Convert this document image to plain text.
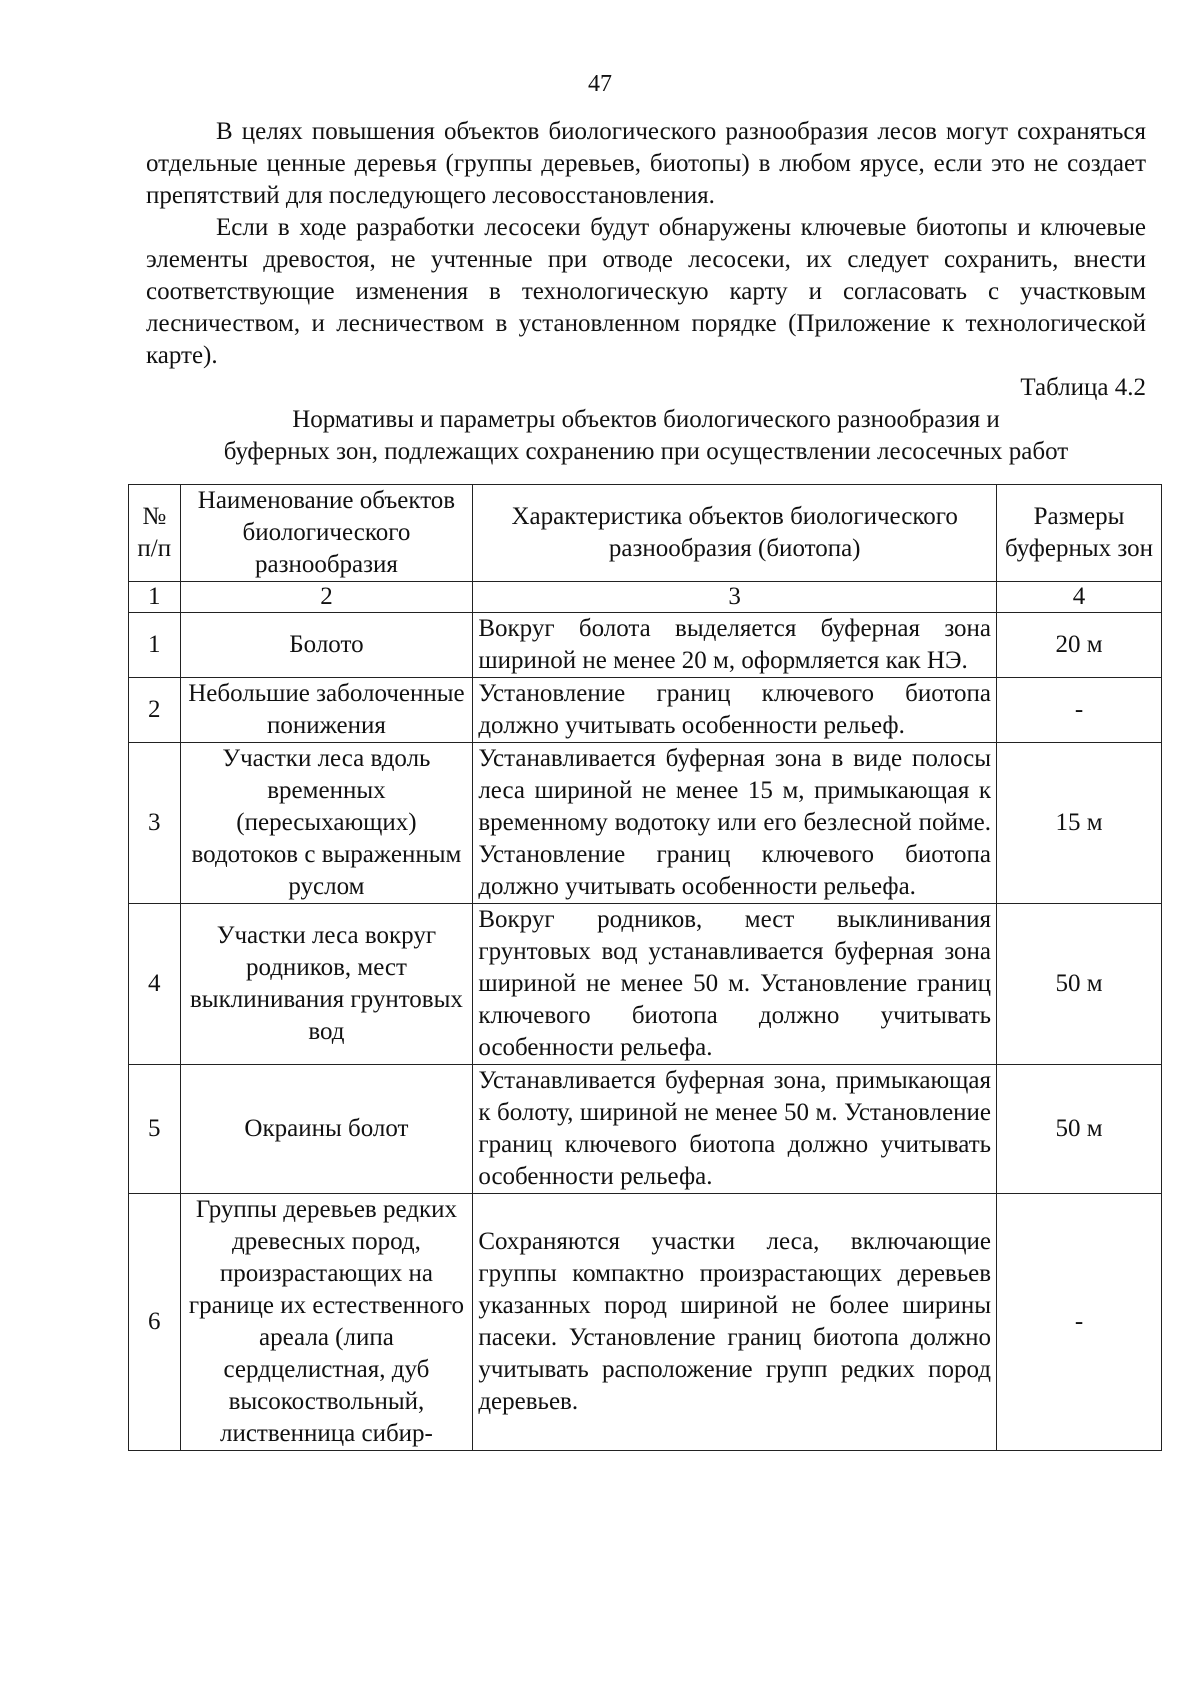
47

В целях повышения объектов биологического разнообразия лесов могут сохраняться отдельные ценные деревья (группы деревьев, биотопы) в любом ярусе, если это не создает препятствий для последующего лесовосстановления.

Если в ходе разработки лесосеки будут обнаружены ключевые биотопы и ключевые элементы древостоя, не учтенные при отводе лесосеки, их следует сохранить, внести соответствующие изменения в технологическую карту и согласовать с участковым лесничеством, и лесничеством в установленном порядке (Приложение к технологической карте).

Таблица 4.2
Нормативы и параметры объектов биологического разнообразия и
буферных зон, подлежащих сохранению при осуществлении лесосечных работ
№ п/п	Наименование объектов биологического разнообразия	Характеристика объектов биологического разнообразия (биотопа)	Размеры буферных зон
1	2	3	4
1	Болото	Вокруг болота выделяется буферная зона шириной не менее 20 м, оформляется как НЭ.	20 м
2	Небольшие заболоченные понижения	Установление границ ключевого биотопа должно учитывать особенности рельеф.	-
3	Участки леса вдоль временных (пересыхающих) водотоков с выраженным руслом	Устанавливается буферная зона в виде полосы леса шириной не менее 15 м, примыкающая к временному водотоку или его безлесной пойме. Установление границ ключевого биотопа должно учитывать особенности рельефа.	15 м
4	Участки леса вокруг родников, мест выклинивания грунтовых вод	Вокруг родников, мест выклинивания грунтовых вод устанавливается буферная зона шириной не менее 50 м. Установление границ ключевого биотопа должно учитывать особенности рельефа.	50 м
5	Окраины болот	Устанавливается буферная зона, примыкающая к болоту, шириной не менее 50 м. Установление границ ключевого биотопа должно учитывать особенности рельефа.	50 м
6	Группы деревьев редких древесных пород, произрастающих на границе их естественного ареала (липа сердцелистная, дуб высокоствольный, лиственница сибир-	Сохраняются участки леса, включающие группы компактно произрастающих деревьев указанных пород шириной не более ширины пасеки. Установление границ биотопа должно учитывать расположение групп редких пород деревьев.	-
